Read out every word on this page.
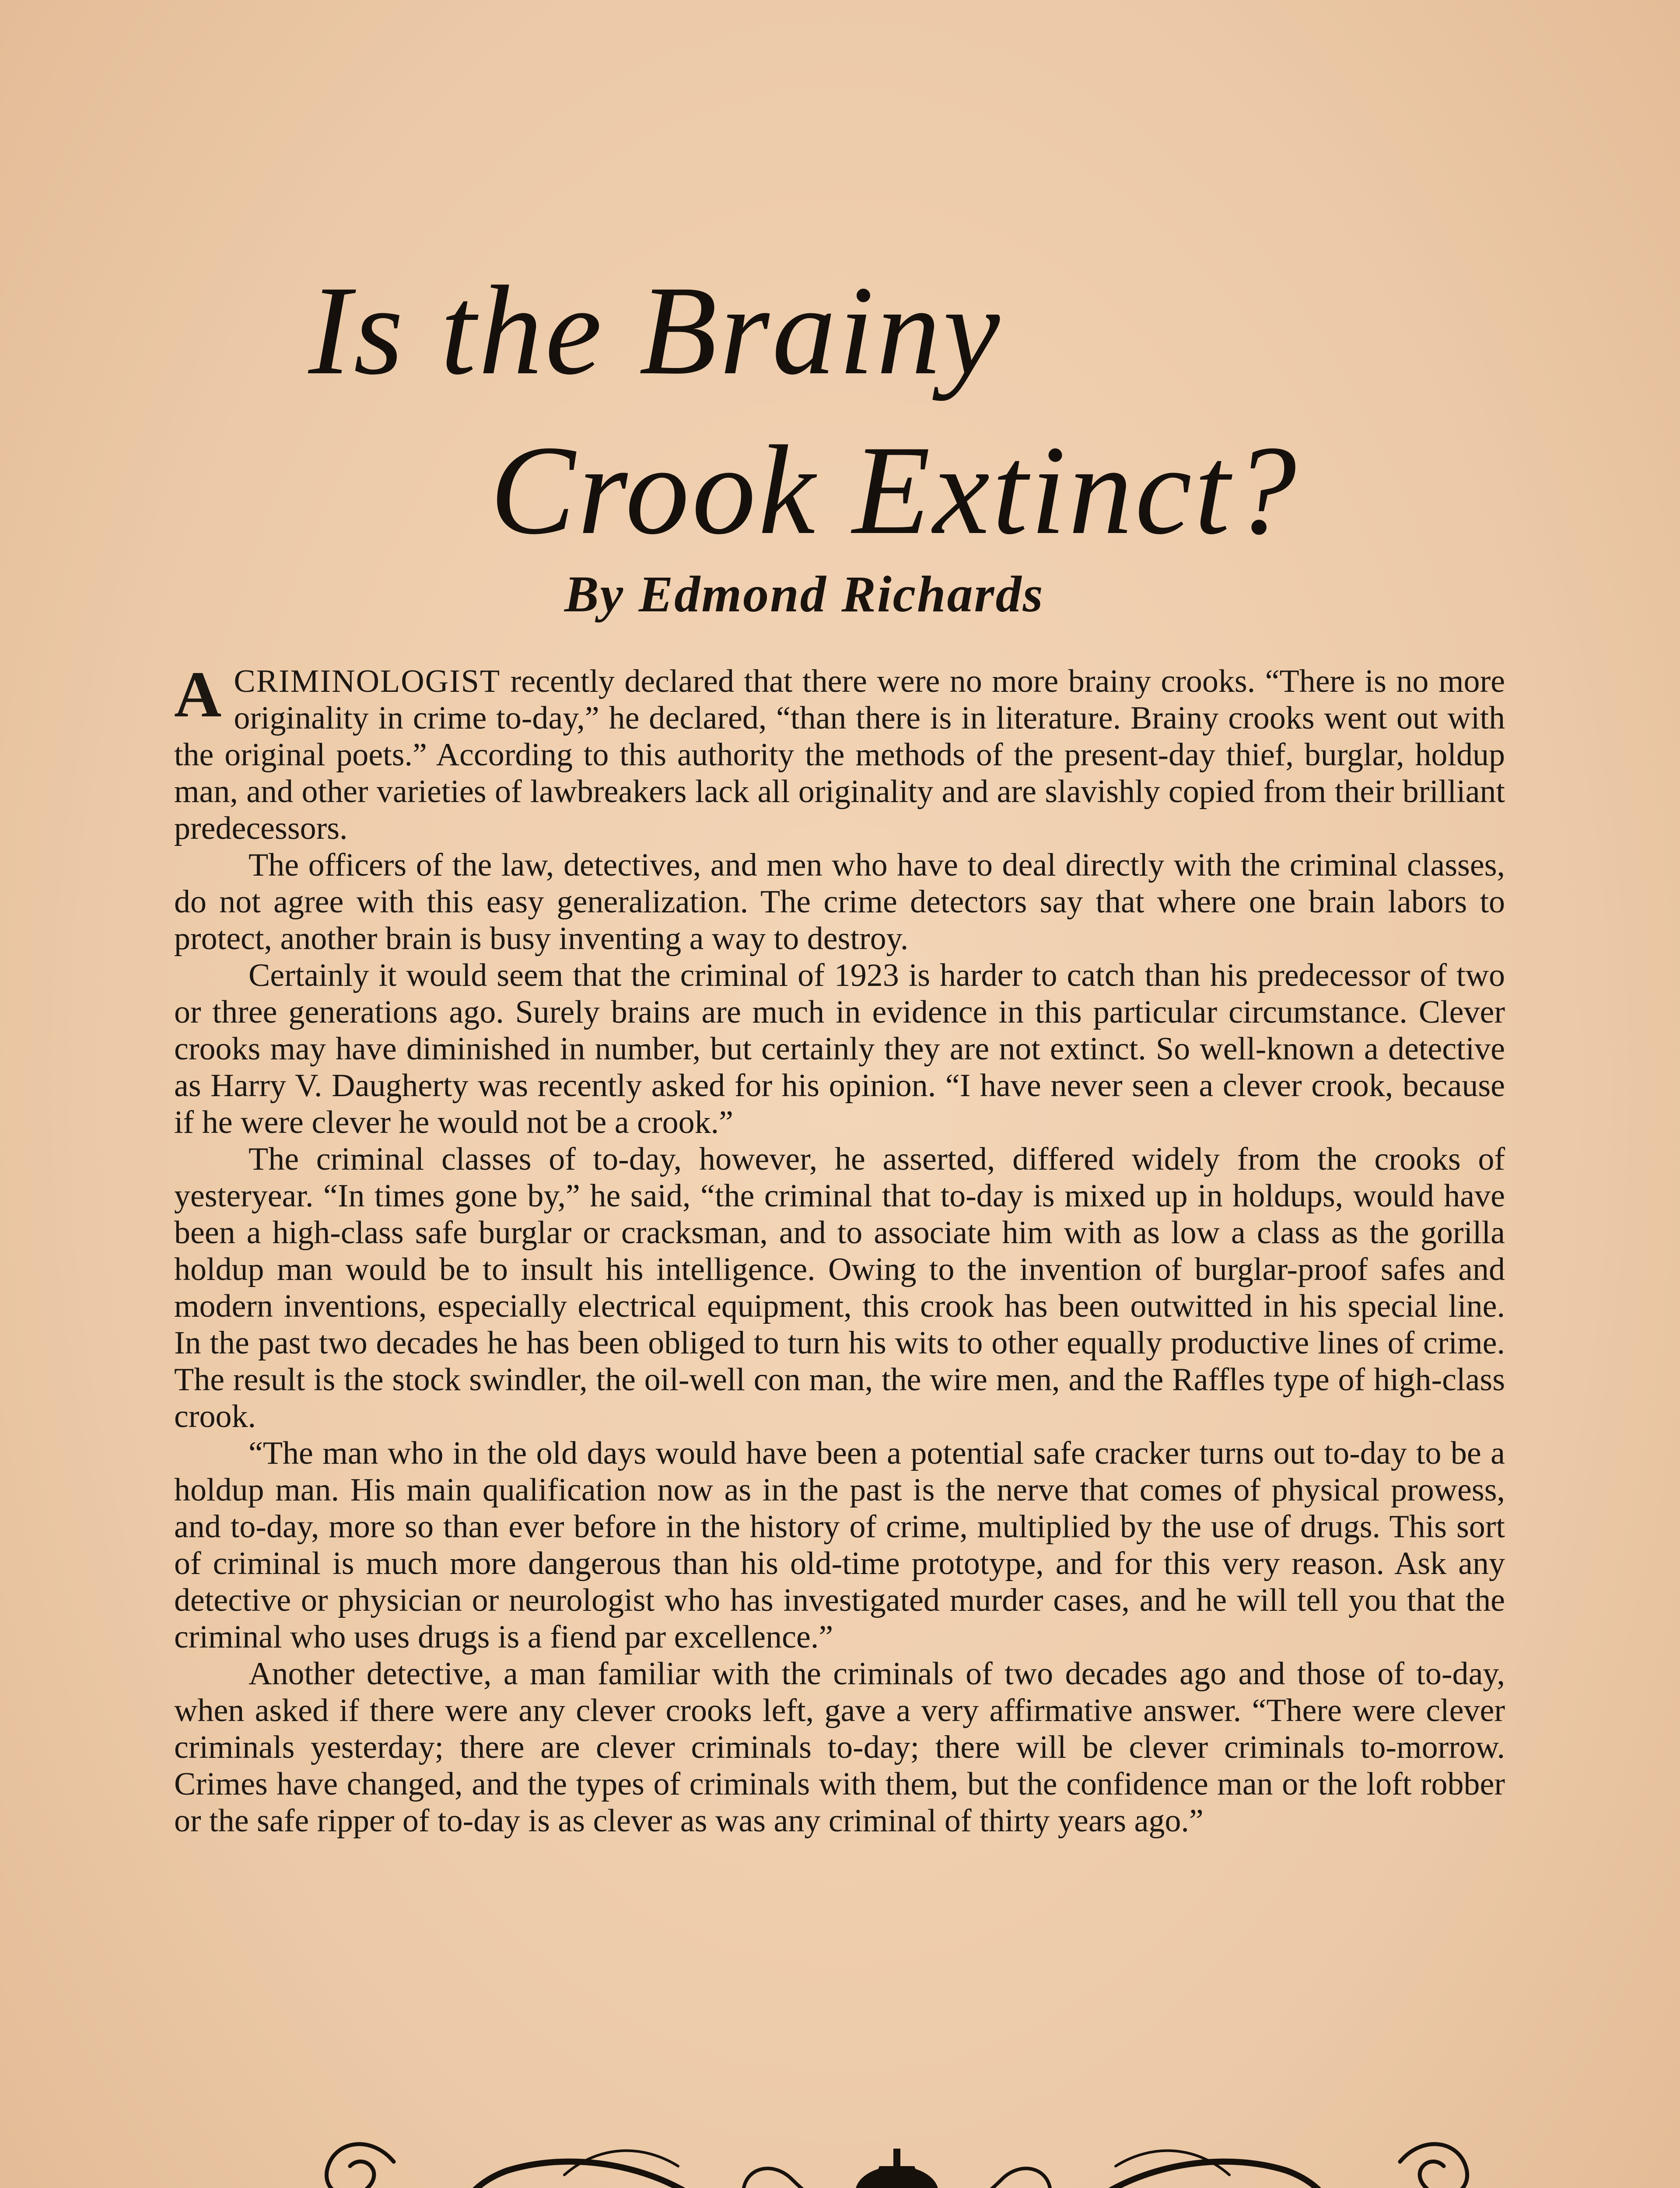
Is the Brainy
Crook Extinct?
By Edmond Richards

ACRIMINOLOGIST recently declared that there were no more brainy crooks. “There is no more originality in crime to-day,” he declared, “than there is in literature. Brainy crooks went out with the original poets.” According to this authority the methods of the present-day thief, burglar, holdup man, and other varieties of lawbreakers lack all originality and are slavishly copied from their brilliant predecessors.

The officers of the law, detectives, and men who have to deal directly with the criminal classes, do not agree with this easy generalization. The crime detectors say that where one brain labors to protect, another brain is busy inventing a way to destroy.

Certainly it would seem that the criminal of 1923 is harder to catch than his predecessor of two or three generations ago. Surely brains are much in evidence in this particular circumstance. Clever crooks may have diminished in number, but certainly they are not extinct. So well-known a detective as Harry V. Daugherty was recently asked for his opinion. “I have never seen a clever crook, because if he were clever he would not be a crook.”

The criminal classes of to-day, however, he asserted, differed widely from the crooks of yesteryear. “In times gone by,” he said, “the criminal that to-day is mixed up in holdups, would have been a high-class safe burglar or cracksman, and to associate him with as low a class as the gorilla holdup man would be to insult his intelligence. Owing to the invention of burglar-proof safes and modern inventions, especially electrical equipment, this crook has been outwitted in his special line. In the past two decades he has been obliged to turn his wits to other equally productive lines of crime. The result is the stock swindler, the oil-well con man, the wire men, and the Raffles type of high-class crook.

“The man who in the old days would have been a potential safe cracker turns out to-day to be a holdup man. His main qualification now as in the past is the nerve that comes of physical prowess, and to-day, more so than ever before in the history of crime, multiplied by the use of drugs. This sort of criminal is much more dangerous than his old-time prototype, and for this very reason. Ask any detective or physician or neurologist who has investigated murder cases, and he will tell you that the criminal who uses drugs is a fiend par excellence.”

Another detective, a man familiar with the criminals of two decades ago and those of to-day, when asked if there were any clever crooks left, gave a very affirmative answer. “There were clever criminals yesterday; there are clever criminals to-day; there will be clever criminals to-morrow. Crimes have changed, and the types of criminals with them, but the confidence man or the loft robber or the safe ripper of to-day is as clever as was any criminal of thirty years ago.”
